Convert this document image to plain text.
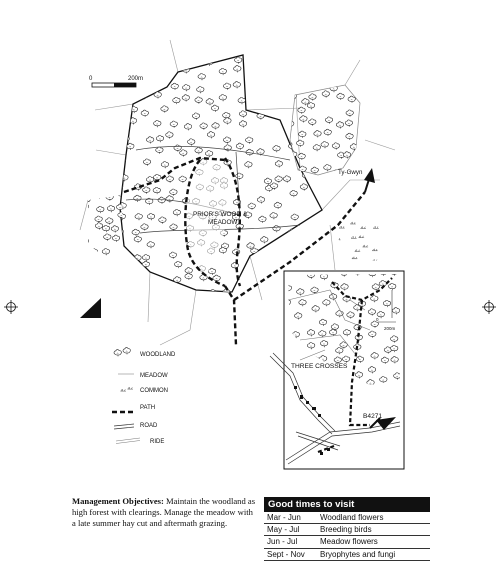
0	200m
PRIOR'S WOOD &
MEADOW
Ty-Gwyn
WOODLAND
MEADOW
COMMON
PATH
ROAD
RIDE
0
200m
THREE CROSSES
B4271
Management Objectives: Maintain the woodland as high forest with clearings. Manage the meadow with a late summer hay cut and aftermath grazing.
Good times to visit
Mar - Jun	Woodland flowers
May - Jul	Breeding birds
Jun - Jul	Meadow flowers
Sept - Nov	Bryophytes and fungi
